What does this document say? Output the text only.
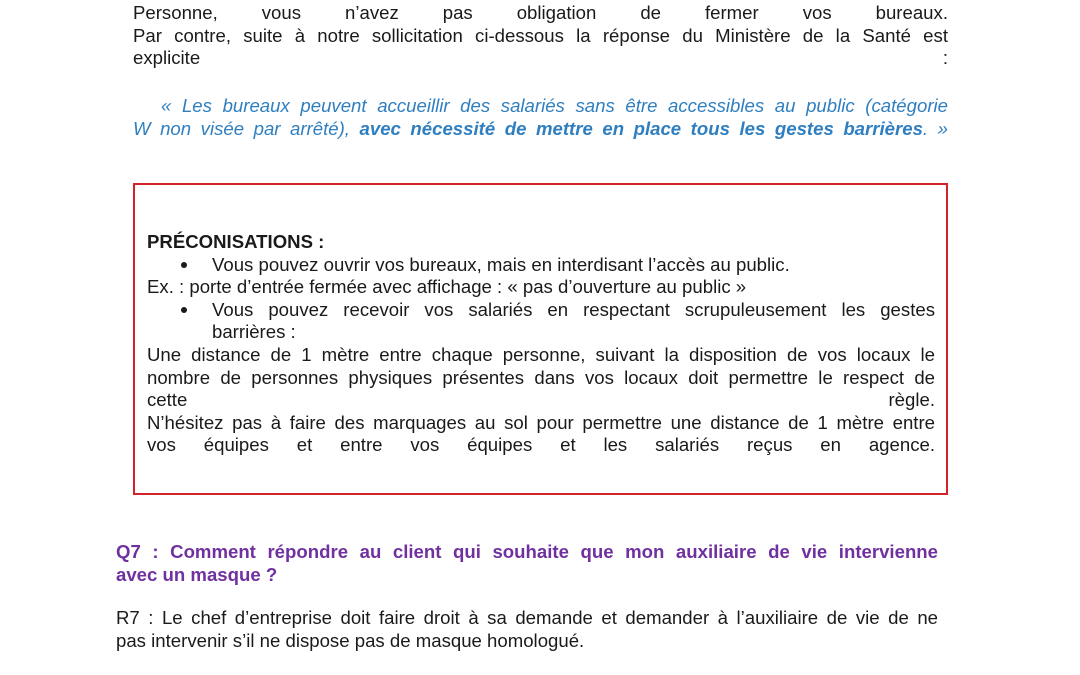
Personne, vous n’avez pas obligation de fermer vos bureaux.
Par contre, suite à notre sollicitation ci-dessous la réponse du Ministère de la Santé est
explicite	:
« Les bureaux peuvent accueillir des salariés sans être accessibles au public (catégorie
W non visée par arrêté), avec nécessité de mettre en place tous les gestes barrières. »
PRÉCONISATIONS :
Vous pouvez ouvrir vos bureaux, mais en interdisant l’accès au public.
Ex. : porte d’entrée fermée avec affichage : « pas d’ouverture au public »
Vous pouvez recevoir vos salariés en respectant scrupuleusement les gestes
barrières :
Une distance de 1 mètre entre chaque personne, suivant la disposition de vos locaux le
nombre de personnes physiques présentes dans vos locaux doit permettre le respect de
cette	règle.
N’hésitez pas à faire des marquages au sol pour permettre une distance de 1 mètre entre
vos équipes et entre vos équipes et les salariés reçus en agence.
Q7 : Comment répondre au client qui souhaite que mon auxiliaire de vie intervienne
avec un masque ?
R7 : Le chef d’entreprise doit faire droit à sa demande et demander à l’auxiliaire de vie de ne
pas intervenir s’il ne dispose pas de masque homologué.
